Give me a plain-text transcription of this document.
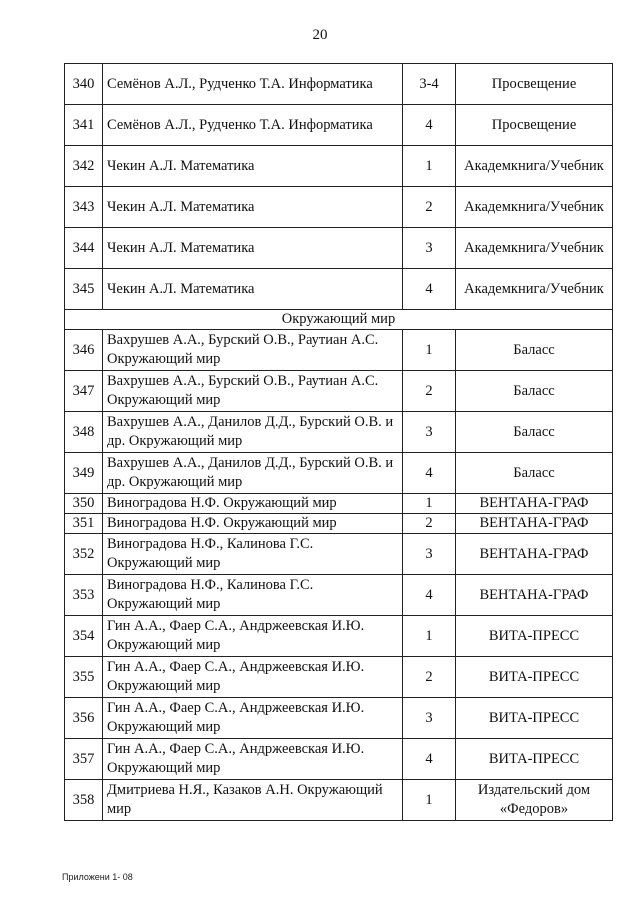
20
340	Семёнов А.Л., Рудченко Т.А. Информатика	3-4	Просвещение
341	Семёнов А.Л., Рудченко Т.А. Информатика	4	Просвещение
342	Чекин А.Л. Математика	1	Академкнига/Учебник
343	Чекин А.Л. Математика	2	Академкнига/Учебник
344	Чекин А.Л. Математика	3	Академкнига/Учебник
345	Чекин А.Л. Математика	4	Академкнига/Учебник
Окружающий мир			
346	Вахрушев А.А., Бурский О.В., Раутиан А.С. Окружающий мир	1	Баласс
347	Вахрушев А.А., Бурский О.В., Раутиан А.С. Окружающий мир	2	Баласс
348	Вахрушев А.А., Данилов Д.Д., Бурский О.В. и др. Окружающий мир	3	Баласс
349	Вахрушев А.А., Данилов Д.Д., Бурский О.В. и др. Окружающий мир	4	Баласс
350	Виноградова Н.Ф. Окружающий мир	1	ВЕНТАНА-ГРАФ
351	Виноградова Н.Ф. Окружающий мир	2	ВЕНТАНА-ГРАФ
352	Виноградова Н.Ф., Калинова Г.С. Окружающий мир	3	ВЕНТАНА-ГРАФ
353	Виноградова Н.Ф., Калинова Г.С. Окружающий мир	4	ВЕНТАНА-ГРАФ
354	Гин А.А., Фаер С.А., Андржеевская И.Ю. Окружающий мир	1	ВИТА-ПРЕСС
355	Гин А.А., Фаер С.А., Андржеевская И.Ю. Окружающий мир	2	ВИТА-ПРЕСС
356	Гин А.А., Фаер С.А., Андржеевская И.Ю. Окружающий мир	3	ВИТА-ПРЕСС
357	Гин А.А., Фаер С.А., Андржеевская И.Ю. Окружающий мир	4	ВИТА-ПРЕСС
358	Дмитриева Н.Я., Казаков А.Н. Окружающий мир	1	Издательский дом «Федоров»
Приложени 1- 08
